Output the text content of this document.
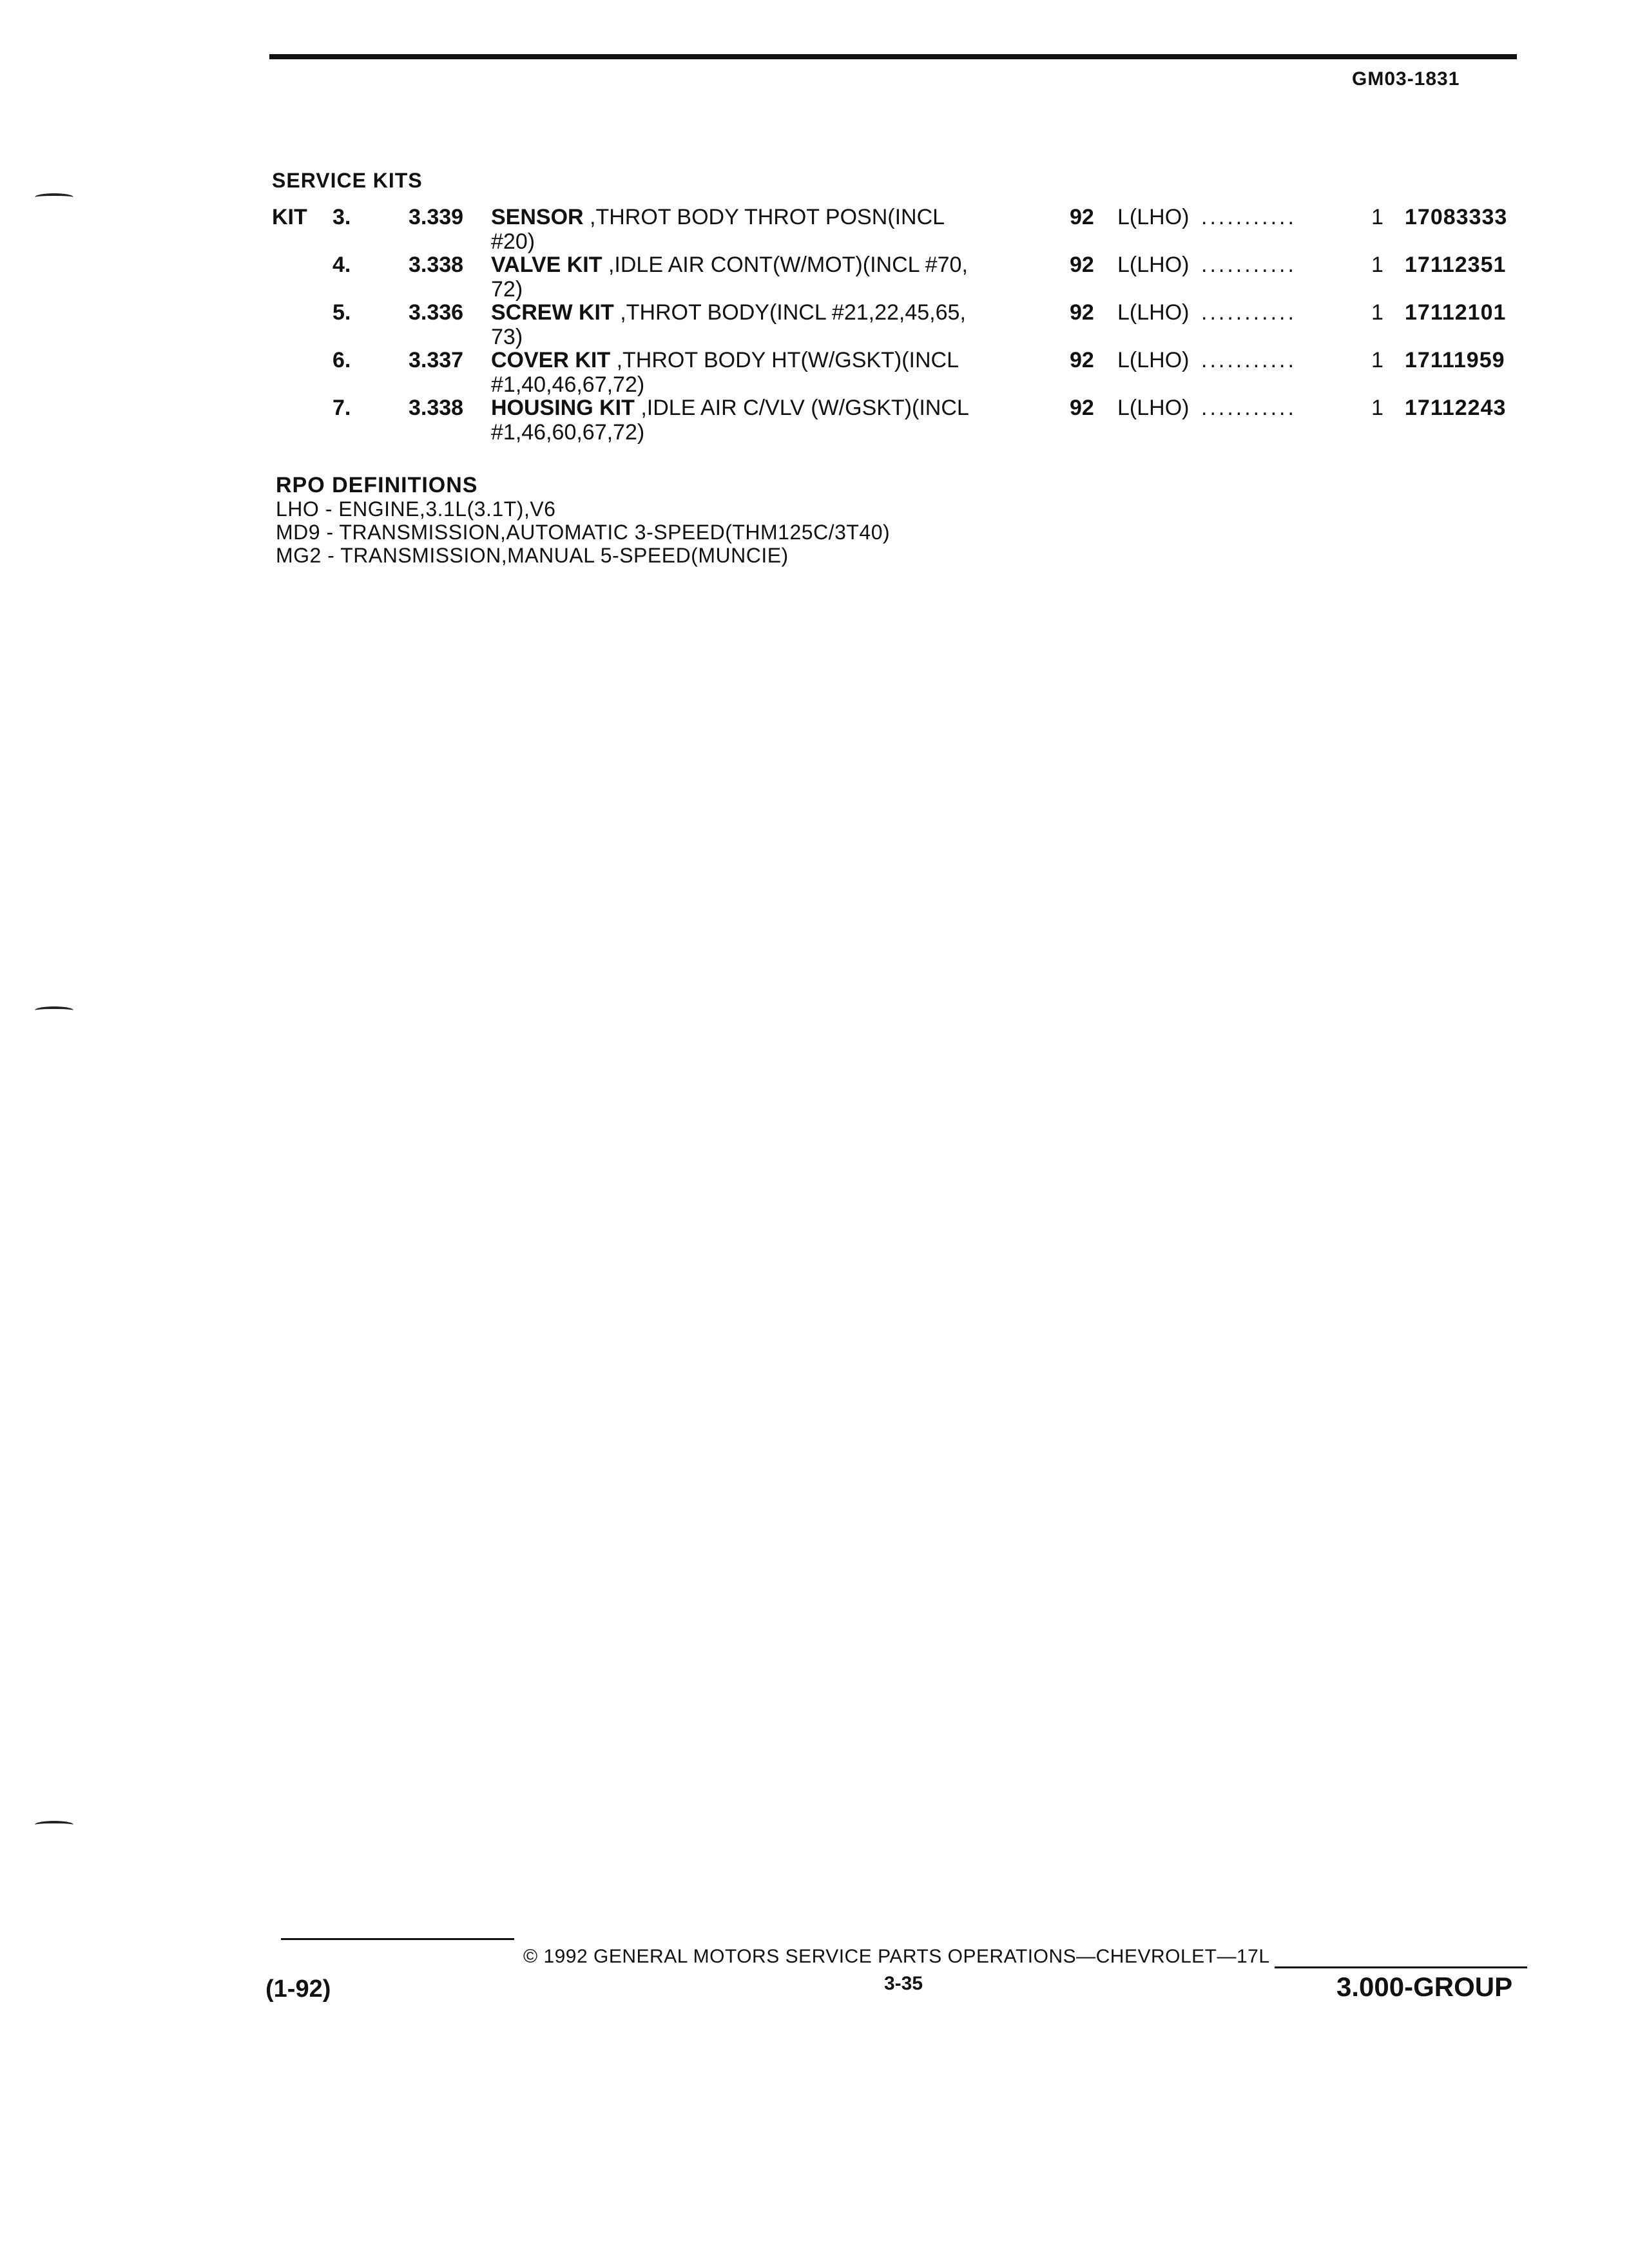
GM03-1831
SERVICE KITS
KIT 3.	3.339 SENSOR ,THROT BODY THROT POSN(INCL
#20)
92 L(LHO) ...........	1 17083333
4.	3.338 VALVE KIT ,IDLE AIR CONT(W/MOT)(INCL #70,
72)
92 L(LHO) ...........	1 17112351
5.	3.336 SCREW KIT ,THROT BODY(INCL #21,22,45,65,
73)
92 L(LHO) ...........	1 17112101
6.	3.337 COVER KIT ,THROT BODY HT(W/GSKT)(INCL
#1,40,46,67,72)
92 L(LHO) ...........	1 17111959
7.	3.338 HOUSING KIT ,IDLE AIR C/VLV (W/GSKT)(INCL
#1,46,60,67,72)
92 L(LHO) ...........	1 17112243
RPO DEFINITIONS
LHO - ENGINE,3.1L(3.1T),V6
MD9 - TRANSMISSION,AUTOMATIC 3-SPEED(THM125C/3T40)
MG2 - TRANSMISSION,MANUAL 5-SPEED(MUNCIE)
© 1992 GENERAL MOTORS SERVICE PARTS OPERATIONS—CHEVROLET—17L
(1-92)	3-35	3.000-GROUP
